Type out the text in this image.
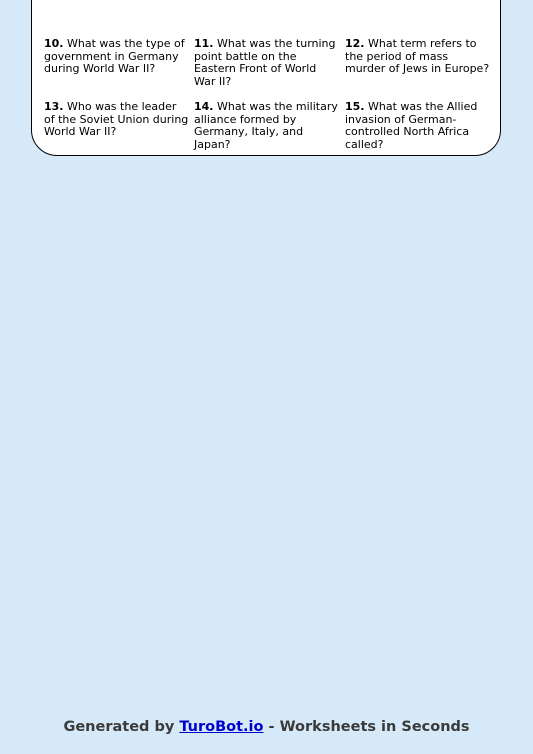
10. What was the type of government in Germany during World War II?
11. What was the turning point battle on the Eastern Front of World War II?
12. What term refers to the period of mass murder of Jews in Europe?
13. Who was the leader of the Soviet Union during World War II?
14. What was the military alliance formed by Germany, Italy, and Japan?
15. What was the Allied invasion of German-controlled North Africa called?
Generated by TuroBot.io - Worksheets in Seconds
